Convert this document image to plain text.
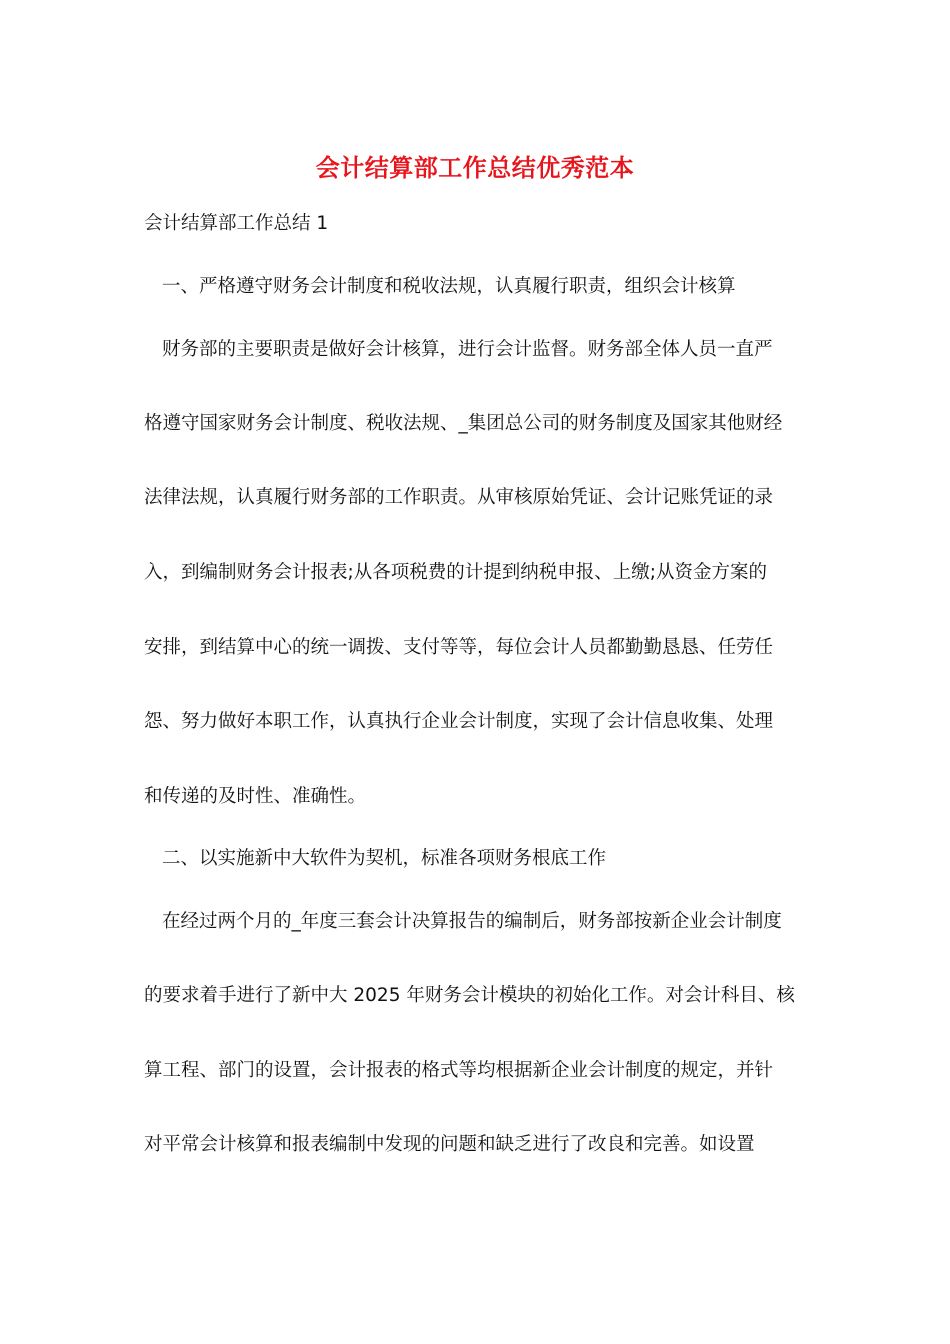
会计结算部工作总结优秀范本
会计结算部工作总结 1
一、严格遵守财务会计制度和税收法规，认真履行职责，组织会计核算
财务部的主要职责是做好会计核算，进行会计监督。财务部全体人员一直严
格遵守国家财务会计制度、税收法规、_集团总公司的财务制度及国家其他财经
法律法规，认真履行财务部的工作职责。从审核原始凭证、会计记账凭证的录
入，到编制财务会计报表;从各项税费的计提到纳税申报、上缴;从资金方案的
安排，到结算中心的统一调拨、支付等等，每位会计人员都勤勤恳恳、任劳任
怨、努力做好本职工作，认真执行企业会计制度，实现了会计信息收集、处理
和传递的及时性、准确性。
二、以实施新中大软件为契机，标准各项财务根底工作
在经过两个月的_年度三套会计决算报告的编制后，财务部按新企业会计制度
的要求着手进行了新中大 2025 年财务会计模块的初始化工作。对会计科目、核
算工程、部门的设置，会计报表的格式等均根据新企业会计制度的规定，并针
对平常会计核算和报表编制中发现的问题和缺乏进行了改良和完善。如设置
